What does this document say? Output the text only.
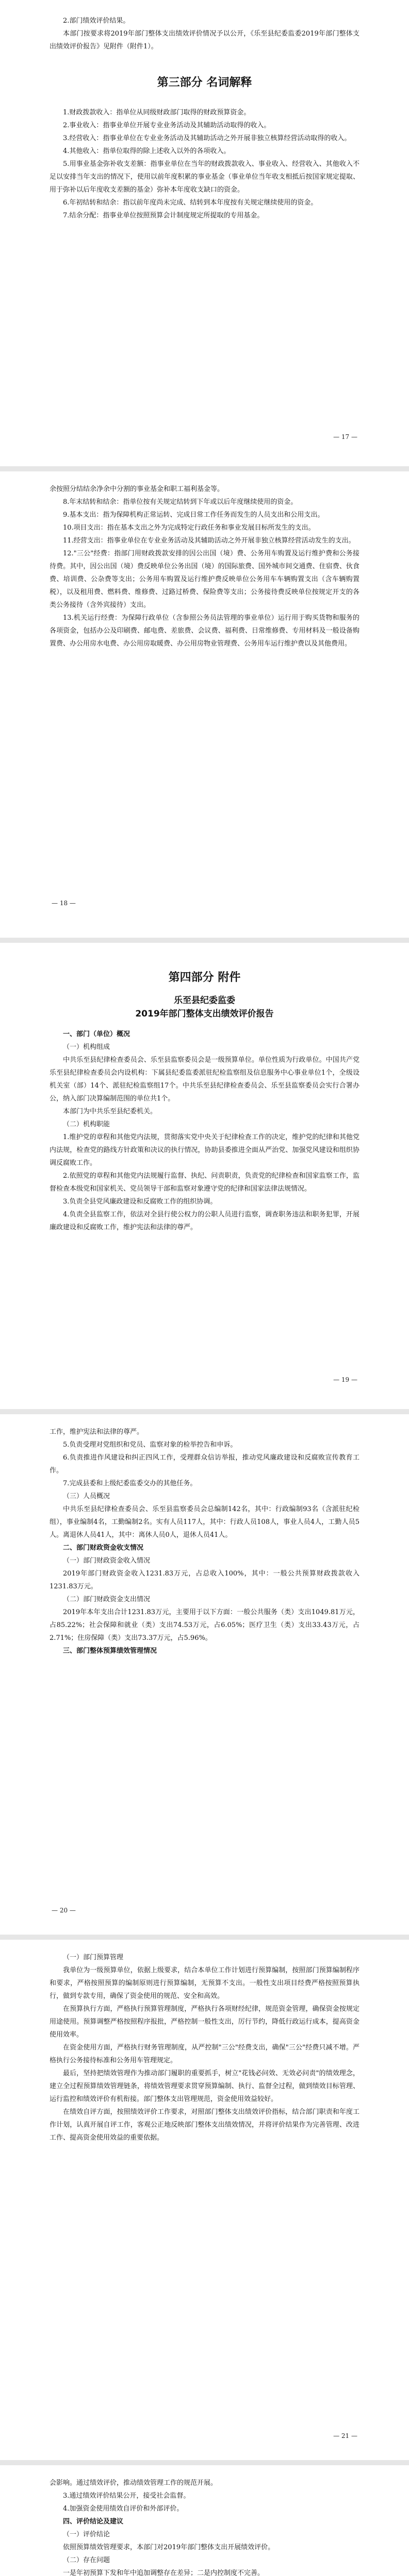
2.部门绩效评价结果。

本部门按要求将2019年部门整体支出绩效评价情况予以公开，《乐至县纪委监委2019年部门整体支出绩效评价报告》见附件（附件1）。

第三部分 名词解释

1.财政拨款收入：指单位从同级财政部门取得的财政预算资金。

2.事业收入：指事业单位开展专业业务活动及其辅助活动取得的收入。

3.经营收入：指事业单位在专业业务活动及其辅助活动之外开展非独立核算经营活动取得的收入。

4.其他收入：指单位取得的除上述收入以外的各项收入。

5.用事业基金弥补收支差额：指事业单位在当年的财政拨款收入、事业收入、经营收入、其他收入不足以安排当年支出的情况下，使用以前年度积累的事业基金（事业单位当年收支相抵后按国家规定提取、用于弥补以后年度收支差额的基金）弥补本年度收支缺口的资金。

6.年初结转和结余：指以前年度尚未完成、结转到本年度按有关规定继续使用的资金。

7.结余分配：指事业单位按照预算会计制度规定所提取的专用基金。

— 17 —

余按照分结结余净余中分割的事业基金和职工福利基金等。

8.年末结转和结余：指单位按有关规定结转到下年或以后年度继续使用的资金。

9.基本支出：指为保障机构正常运转、完成日常工作任务而发生的人员支出和公用支出。

10.项目支出：指在基本支出之外为完成特定行政任务和事业发展目标所发生的支出。

11.经营支出：指事业单位在专业业务活动及其辅助活动之外开展非独立核算经营活动发生的支出。

12."三公"经费：指部门用财政拨款安排的因公出国（境）费、公务用车购置及运行维护费和公务接待费。其中，因公出国（境）费反映单位公务出国（境）的国际旅费、国外城市间交通费、住宿费、伙食费、培训费、公杂费等支出；公务用车购置及运行维护费反映单位公务用车车辆购置支出（含车辆购置税），以及租用费、燃料费、维修费、过路过桥费、保险费等支出；公务接待费反映单位按规定开支的各类公务接待（含外宾接待）支出。

13.机关运行经费：为保障行政单位（含参照公务员法管理的事业单位）运行用于购买货物和服务的各项资金，包括办公及印刷费、邮电费、差旅费、会议费、福利费、日常维修费、专用材料及一般设备购置费、办公用房水电费、办公用房取暖费、办公用房物业管理费、公务用车运行维护费以及其他费用。

— 18 —
第四部分 附件
乐至县纪委监委
2019年部门整体支出绩效评价报告

一、部门（单位）概况

（一）机构组成

中共乐至县纪律检查委员会、乐至县监察委员会是一级预算单位。单位性质为行政单位。中国共产党乐至县纪律检查委员会内设机构：下属县纪委监委派驻纪检监察组及信息服务中心事业单位1个，全级设机关室（部）14个、派驻纪检监察组17个。中共乐至县纪律检查委员会、乐至县监察委员会实行合署办公，纳入部门决算编制范围的单位共1个。

本部门为中共乐至县纪委机关。

（二）机构职能

1.维护党的章程和其他党内法规，贯彻落实党中央关于纪律检查工作的决定，维护党的纪律和其他党内法规，检查党的路线方针政策和决议的执行情况，协助县委推进全面从严治党、加强党风建设和组织协调反腐败工作。

2.依照党的章程和其他党内法规履行监督、执纪、问责职责，负责党的纪律检查和国家监察工作，监督检查本级党和国家机关、党员领导干部和监察对象遵守党的纪律和国家法律法规情况。

3.负责全县党风廉政建设和反腐败工作的组织协调。

4.负责全县监察工作，依法对全县行使公权力的公职人员进行监察，调查职务违法和职务犯罪，开展廉政建设和反腐败工作，维护宪法和法律的尊严。

— 19 —

工作，维护宪法和法律的尊严。

5.负责受理对党组织和党员、监察对象的检举控告和申诉。

6.负责推进作风建设和纠正四风工作，受理群众信访举报，推动党风廉政建设和反腐败宣传教育工作。

7.完成县委和上级纪委监委交办的其他任务。

（三）人员概况

中共乐至县纪律检查委员会、乐至县监察委员会总编制142名，其中：行政编制93名（含派驻纪检组），事业编制4名，工勤编制2名。实有人员117人，其中：行政人员108人，事业人员4人，工勤人员5人。离退休人员41人，其中：离休人员0人，退休人员41人。

二、部门财政资金收支情况

（一）部门财政资金收入情况

2019年部门财政资金收入1231.83万元，占总收入100%，其中：一般公共预算财政拨款收入1231.83万元。

（二）部门财政资金支出情况

2019年本年支出合计1231.83万元，主要用于以下方面：一般公共服务（类）支出1049.81万元，占85.22%；社会保障和就业（类）支出74.53万元，占6.05%；医疗卫生（类）支出33.43万元，占2.71%；住房保障（类）支出73.37万元，占5.96%。

三、部门整体预算绩效管理情况

— 20 —

（一）部门预算管理

我单位为一级预算单位，依据上级要求，结合本单位工作计划进行预算编制，按照部门预算编制程序和要求，严格按照预算的编制原则进行预算编制，无预算不支出。一般性支出项目经费严格按照预算执行，做到专款专用，确保了资金使用的规范、安全和高效。

在预算执行方面，严格执行预算管理制度，严格执行各项财经纪律，规范资金管理，确保资金按规定用途使用。预算调整严格按照程序报批，严格控制一般性支出，厉行节约，降低行政运行成本，提高资金使用效率。

在资金使用方面，严格执行财务管理制度，从严控制"三公"经费支出，确保"三公"经费只减不增。严格执行公务接待标准和公务用车管理规定。

最后，坚持把绩效管理作为推动部门履职的重要抓手，树立"花钱必问效、无效必问责"的绩效理念，建立全过程预算绩效管理链条，将绩效管理要求贯穿预算编制、执行、监督全过程，做到绩效目标管理、运行监控和绩效评价有机衔接。部门整体支出管理规范，资金使用效益较好。

在绩效自评方面，按照绩效评价工作要求，对照部门整体支出绩效评价指标，结合部门职责和年度工作计划，认真开展自评工作，客观公正地反映部门整体支出绩效情况，并将评价结果作为完善管理、改进工作、提高资金使用效益的重要依据。

— 21 —

会影响。通过绩效评价，推动绩效管理工作的规范开展。

3.通过绩效评价结果公开，接受社会监督。

4.加强资金使用绩效自评价和外部评价。

四、评价结论及建议

（一）评价结论

依照预算绩效管理要求，本部门对2019年部门整体支出开展绩效评价。

（二）存在问题

一是年初预算下发和年中追加调整存在差异；二是内控制度不完善。
